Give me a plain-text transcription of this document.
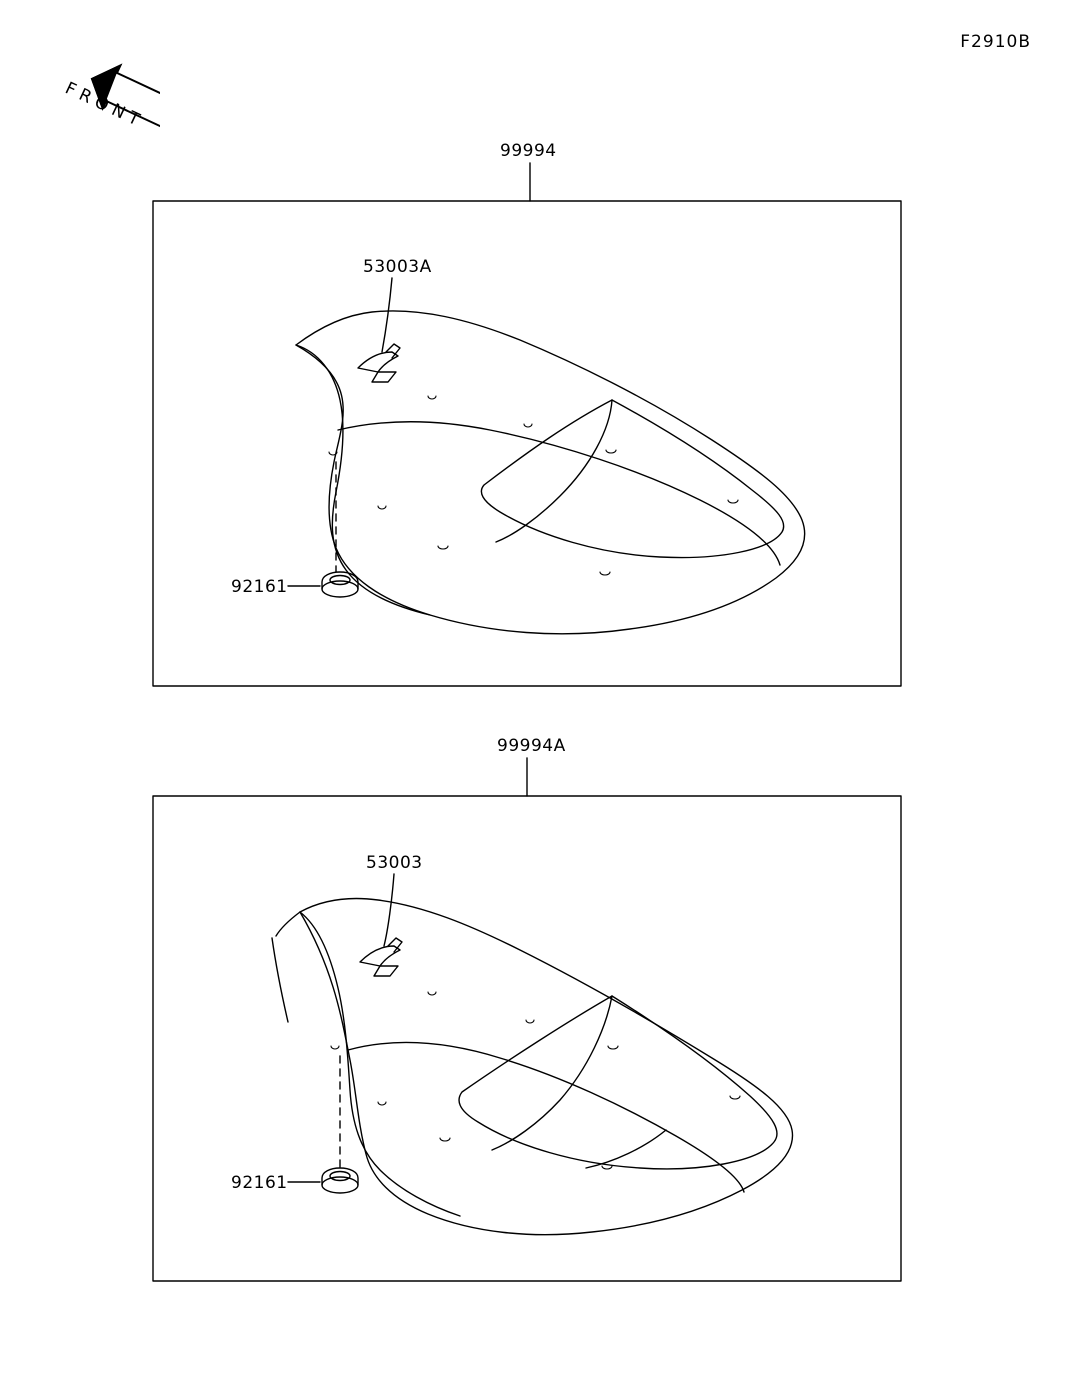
F2910B
F R O N T
99994
53003A
92161
99994A
53003
92161
